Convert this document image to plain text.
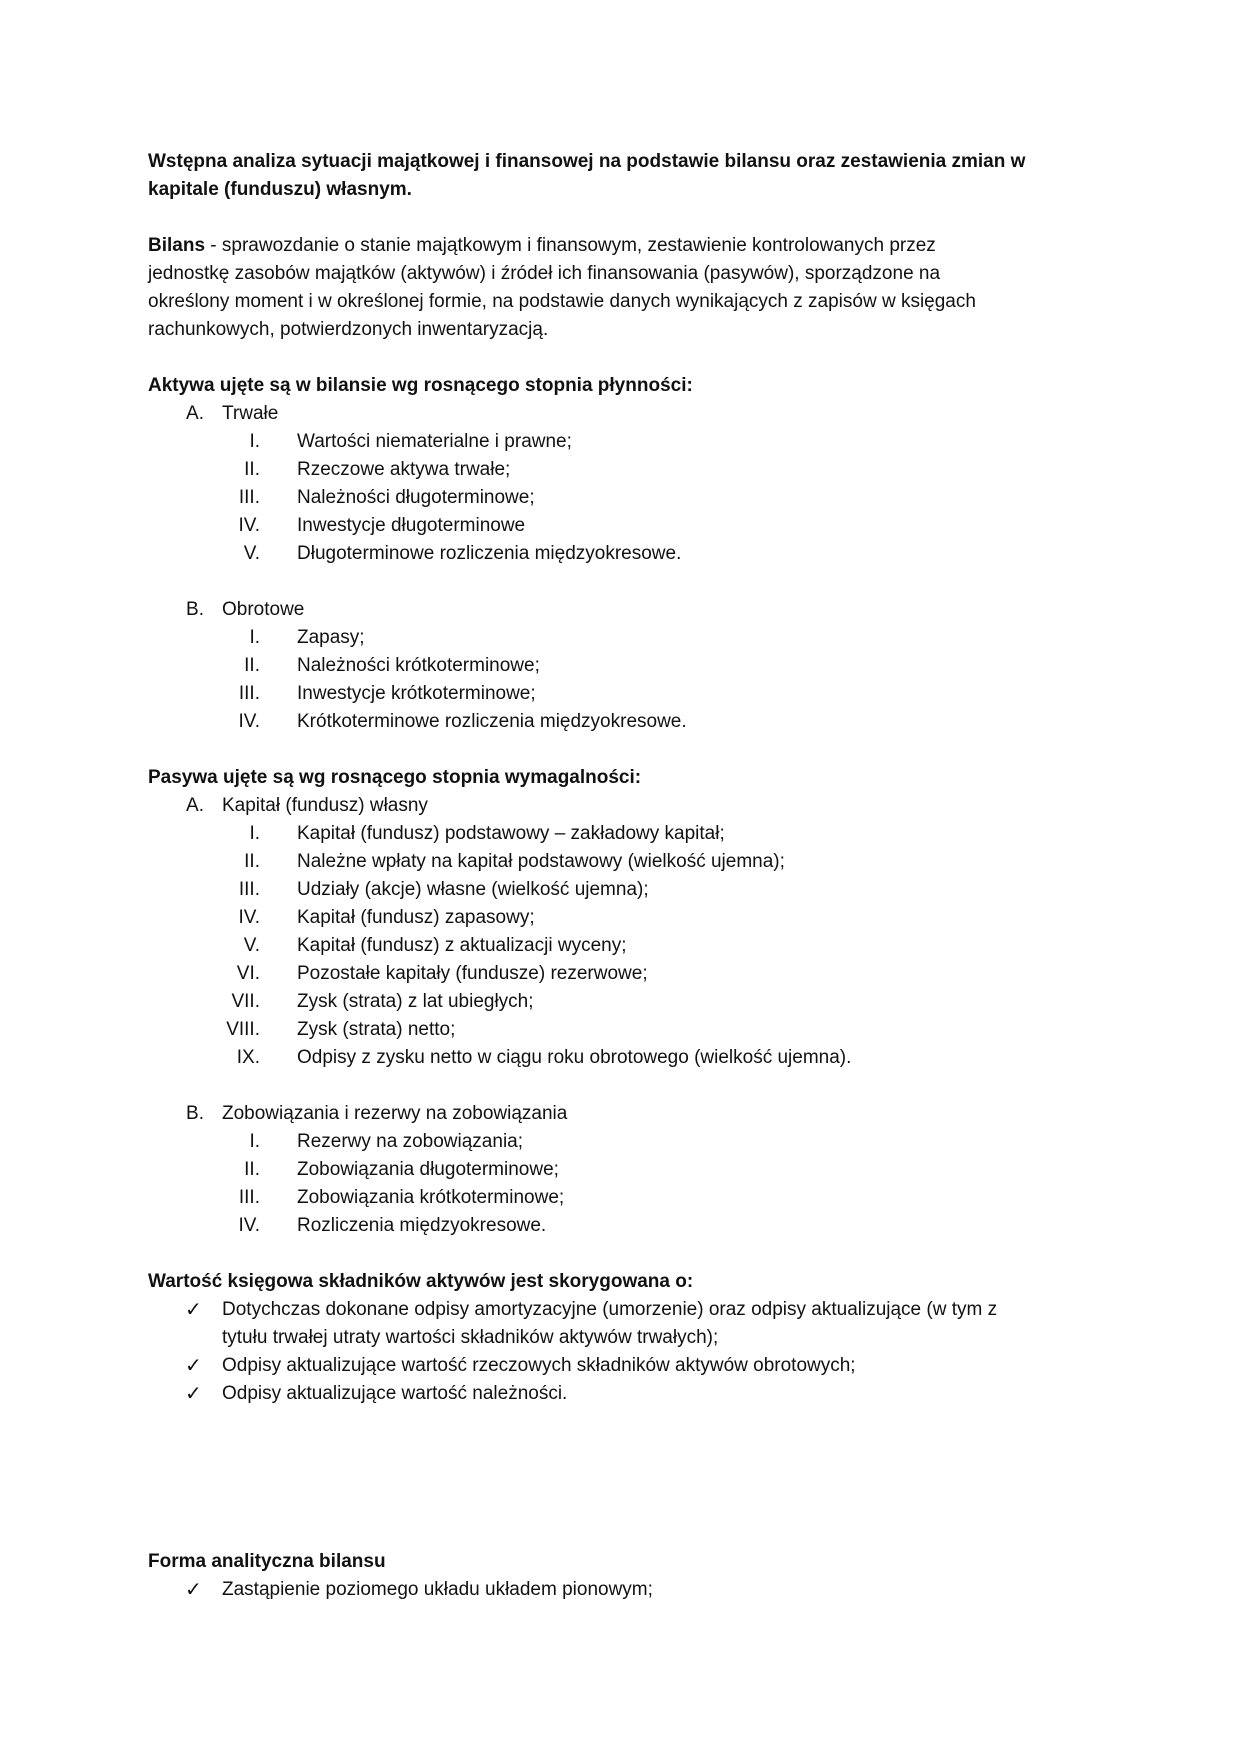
Wstępna analiza sytuacji majątkowej i finansowej na podstawie bilansu oraz zestawienia zmian w
kapitale (funduszu) własnym.
Bilans - sprawozdanie o stanie majątkowym i finansowym, zestawienie kontrolowanych przez
jednostkę zasobów majątków (aktywów) i źródeł ich finansowania (pasywów), sporządzone na
określony moment i w określonej formie, na podstawie danych wynikających z zapisów w księgach
rachunkowych, potwierdzonych inwentaryzacją.
Aktywa ujęte są w bilansie wg rosnącego stopnia płynności:
A. Trwałe
I. Wartości niematerialne i prawne;
II. Rzeczowe aktywa trwałe;
III. Należności długoterminowe;
IV. Inwestycje długoterminowe
V. Długoterminowe rozliczenia międzyokresowe.
B. Obrotowe
I. Zapasy;
II. Należności krótkoterminowe;
III. Inwestycje krótkoterminowe;
IV. Krótkoterminowe rozliczenia międzyokresowe.
Pasywa ujęte są wg rosnącego stopnia wymagalności:
A. Kapitał (fundusz) własny
I. Kapitał (fundusz) podstawowy – zakładowy kapitał;
II. Należne wpłaty na kapitał podstawowy (wielkość ujemna);
III. Udziały (akcje) własne (wielkość ujemna);
IV. Kapitał (fundusz) zapasowy;
V. Kapitał (fundusz) z aktualizacji wyceny;
VI. Pozostałe kapitały (fundusze) rezerwowe;
VII. Zysk (strata) z lat ubiegłych;
VIII. Zysk (strata) netto;
IX. Odpisy z zysku netto w ciągu roku obrotowego (wielkość ujemna).
B. Zobowiązania i rezerwy na zobowiązania
I. Rezerwy na zobowiązania;
II. Zobowiązania długoterminowe;
III. Zobowiązania krótkoterminowe;
IV. Rozliczenia międzyokresowe.
Wartość księgowa składników aktywów jest skorygowana o:
✓ Dotychczas dokonane odpisy amortyzacyjne (umorzenie) oraz odpisy aktualizujące (w tym z
tytułu trwałej utraty wartości składników aktywów trwałych);
✓ Odpisy aktualizujące wartość rzeczowych składników aktywów obrotowych;
✓ Odpisy aktualizujące wartość należności.
Forma analityczna bilansu
✓ Zastąpienie poziomego układu układem pionowym;
